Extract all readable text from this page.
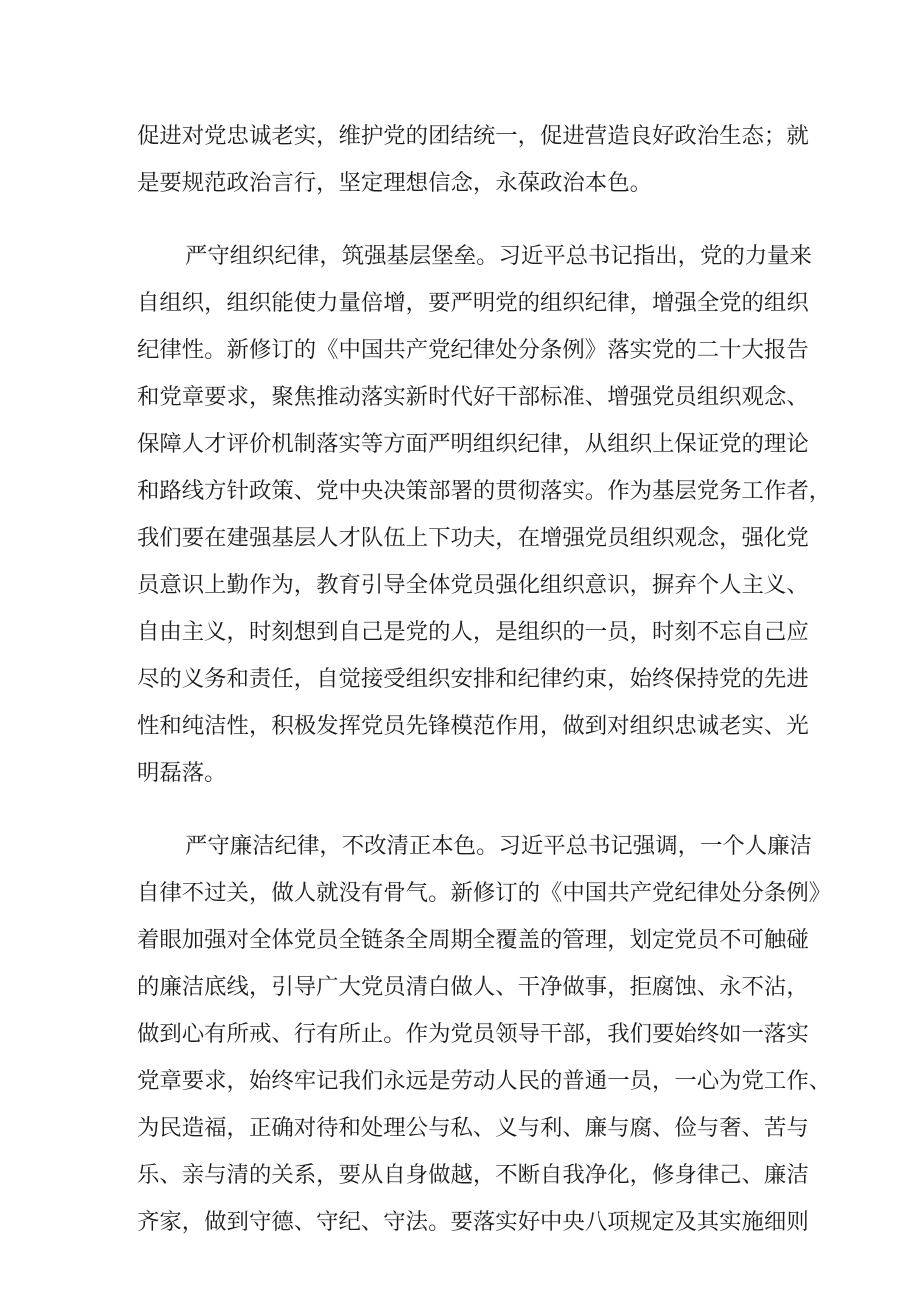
促进对党忠诚老实，维护党的团结统一，促进营造良好政治生态；就
是要规范政治言行，坚定理想信念，永葆政治本色。
严守组织纪律，筑强基层堡垒。习近平总书记指出，党的力量来
自组织，组织能使力量倍增，要严明党的组织纪律，增强全党的组织
纪律性。新修订的《中国共产党纪律处分条例》落实党的二十大报告
和党章要求，聚焦推动落实新时代好干部标准、增强党员组织观念、
保障人才评价机制落实等方面严明组织纪律，从组织上保证党的理论
和路线方针政策、党中央决策部署的贯彻落实。作为基层党务工作者，
我们要在建强基层人才队伍上下功夫，在增强党员组织观念，强化党
员意识上勤作为，教育引导全体党员强化组织意识，摒弃个人主义、
自由主义，时刻想到自己是党的人，是组织的一员，时刻不忘自己应
尽的义务和责任，自觉接受组织安排和纪律约束，始终保持党的先进
性和纯洁性，积极发挥党员先锋模范作用，做到对组织忠诚老实、光
明磊落。
严守廉洁纪律，不改清正本色。习近平总书记强调，一个人廉洁
自律不过关，做人就没有骨气。新修订的《中国共产党纪律处分条例》
着眼加强对全体党员全链条全周期全覆盖的管理，划定党员不可触碰
的廉洁底线，引导广大党员清白做人、干净做事，拒腐蚀、永不沾，
做到心有所戒、行有所止。作为党员领导干部，我们要始终如一落实
党章要求，始终牢记我们永远是劳动人民的普通一员，一心为党工作、
为民造福，正确对待和处理公与私、义与利、廉与腐、俭与奢、苦与
乐、亲与清的关系，要从自身做越，不断自我净化，修身律己、廉洁
齐家，做到守德、守纪、守法。要落实好中央八项规定及其实施细则
